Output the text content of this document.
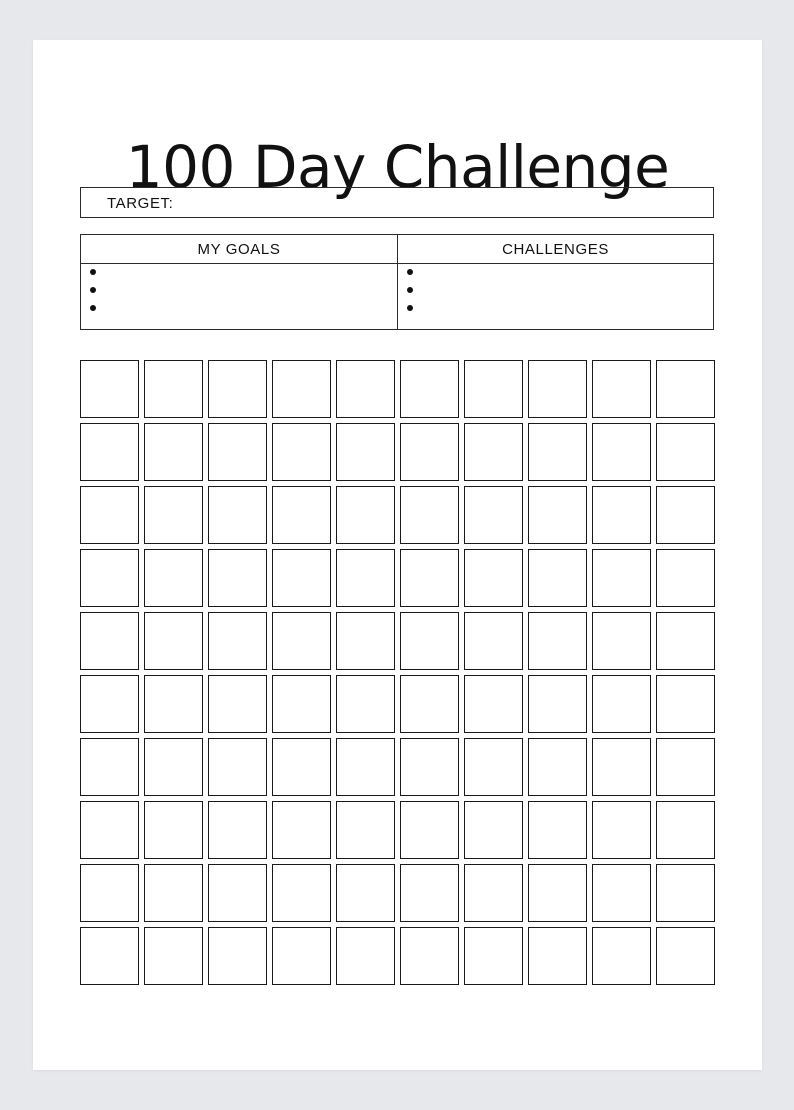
100 Day Challenge
TARGET:
MY GOALS	CHALLENGES
